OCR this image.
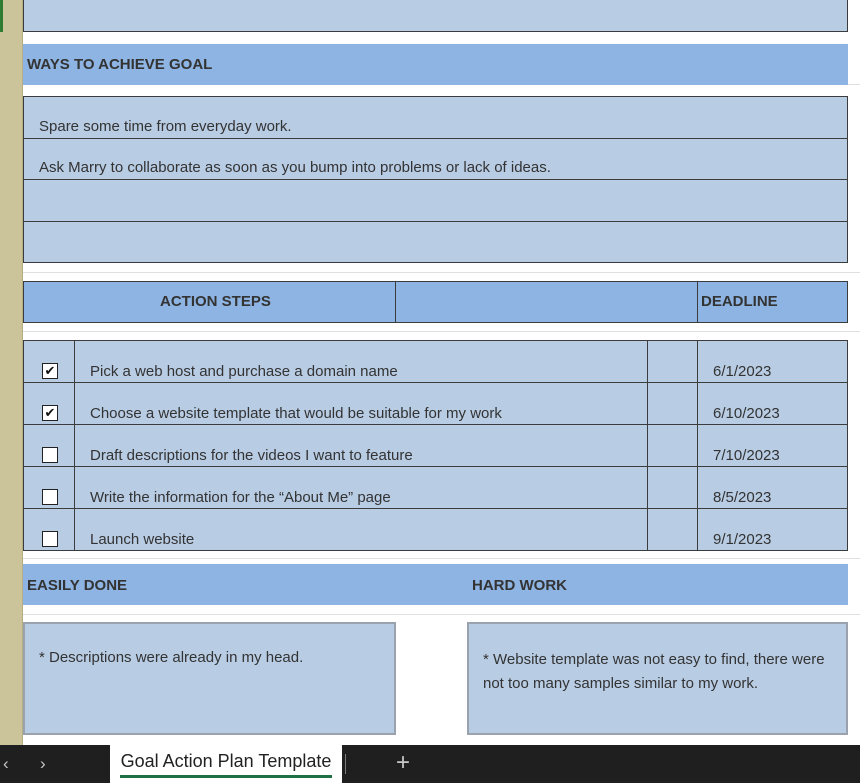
WAYS TO ACHIEVE GOAL
Spare some time from everyday work.
Ask Marry to collaborate as soon as you bump into problems or lack of ideas.
ACTION STEPS	DEADLINE
✔ Pick a web host and purchase a domain name	6/1/2023
✔ Choose a website template that would be suitable for my work	6/10/2023
Draft descriptions for the videos I want to feature	7/10/2023
Write the information for the “About Me” page	8/5/2023
Launch website	9/1/2023
EASILY DONE	HARD WORK
* Descriptions were already in my head.	* Website template was not easy to find, there were not too many samples similar to my work.
‹ ›	Goal Action Plan Template	+
